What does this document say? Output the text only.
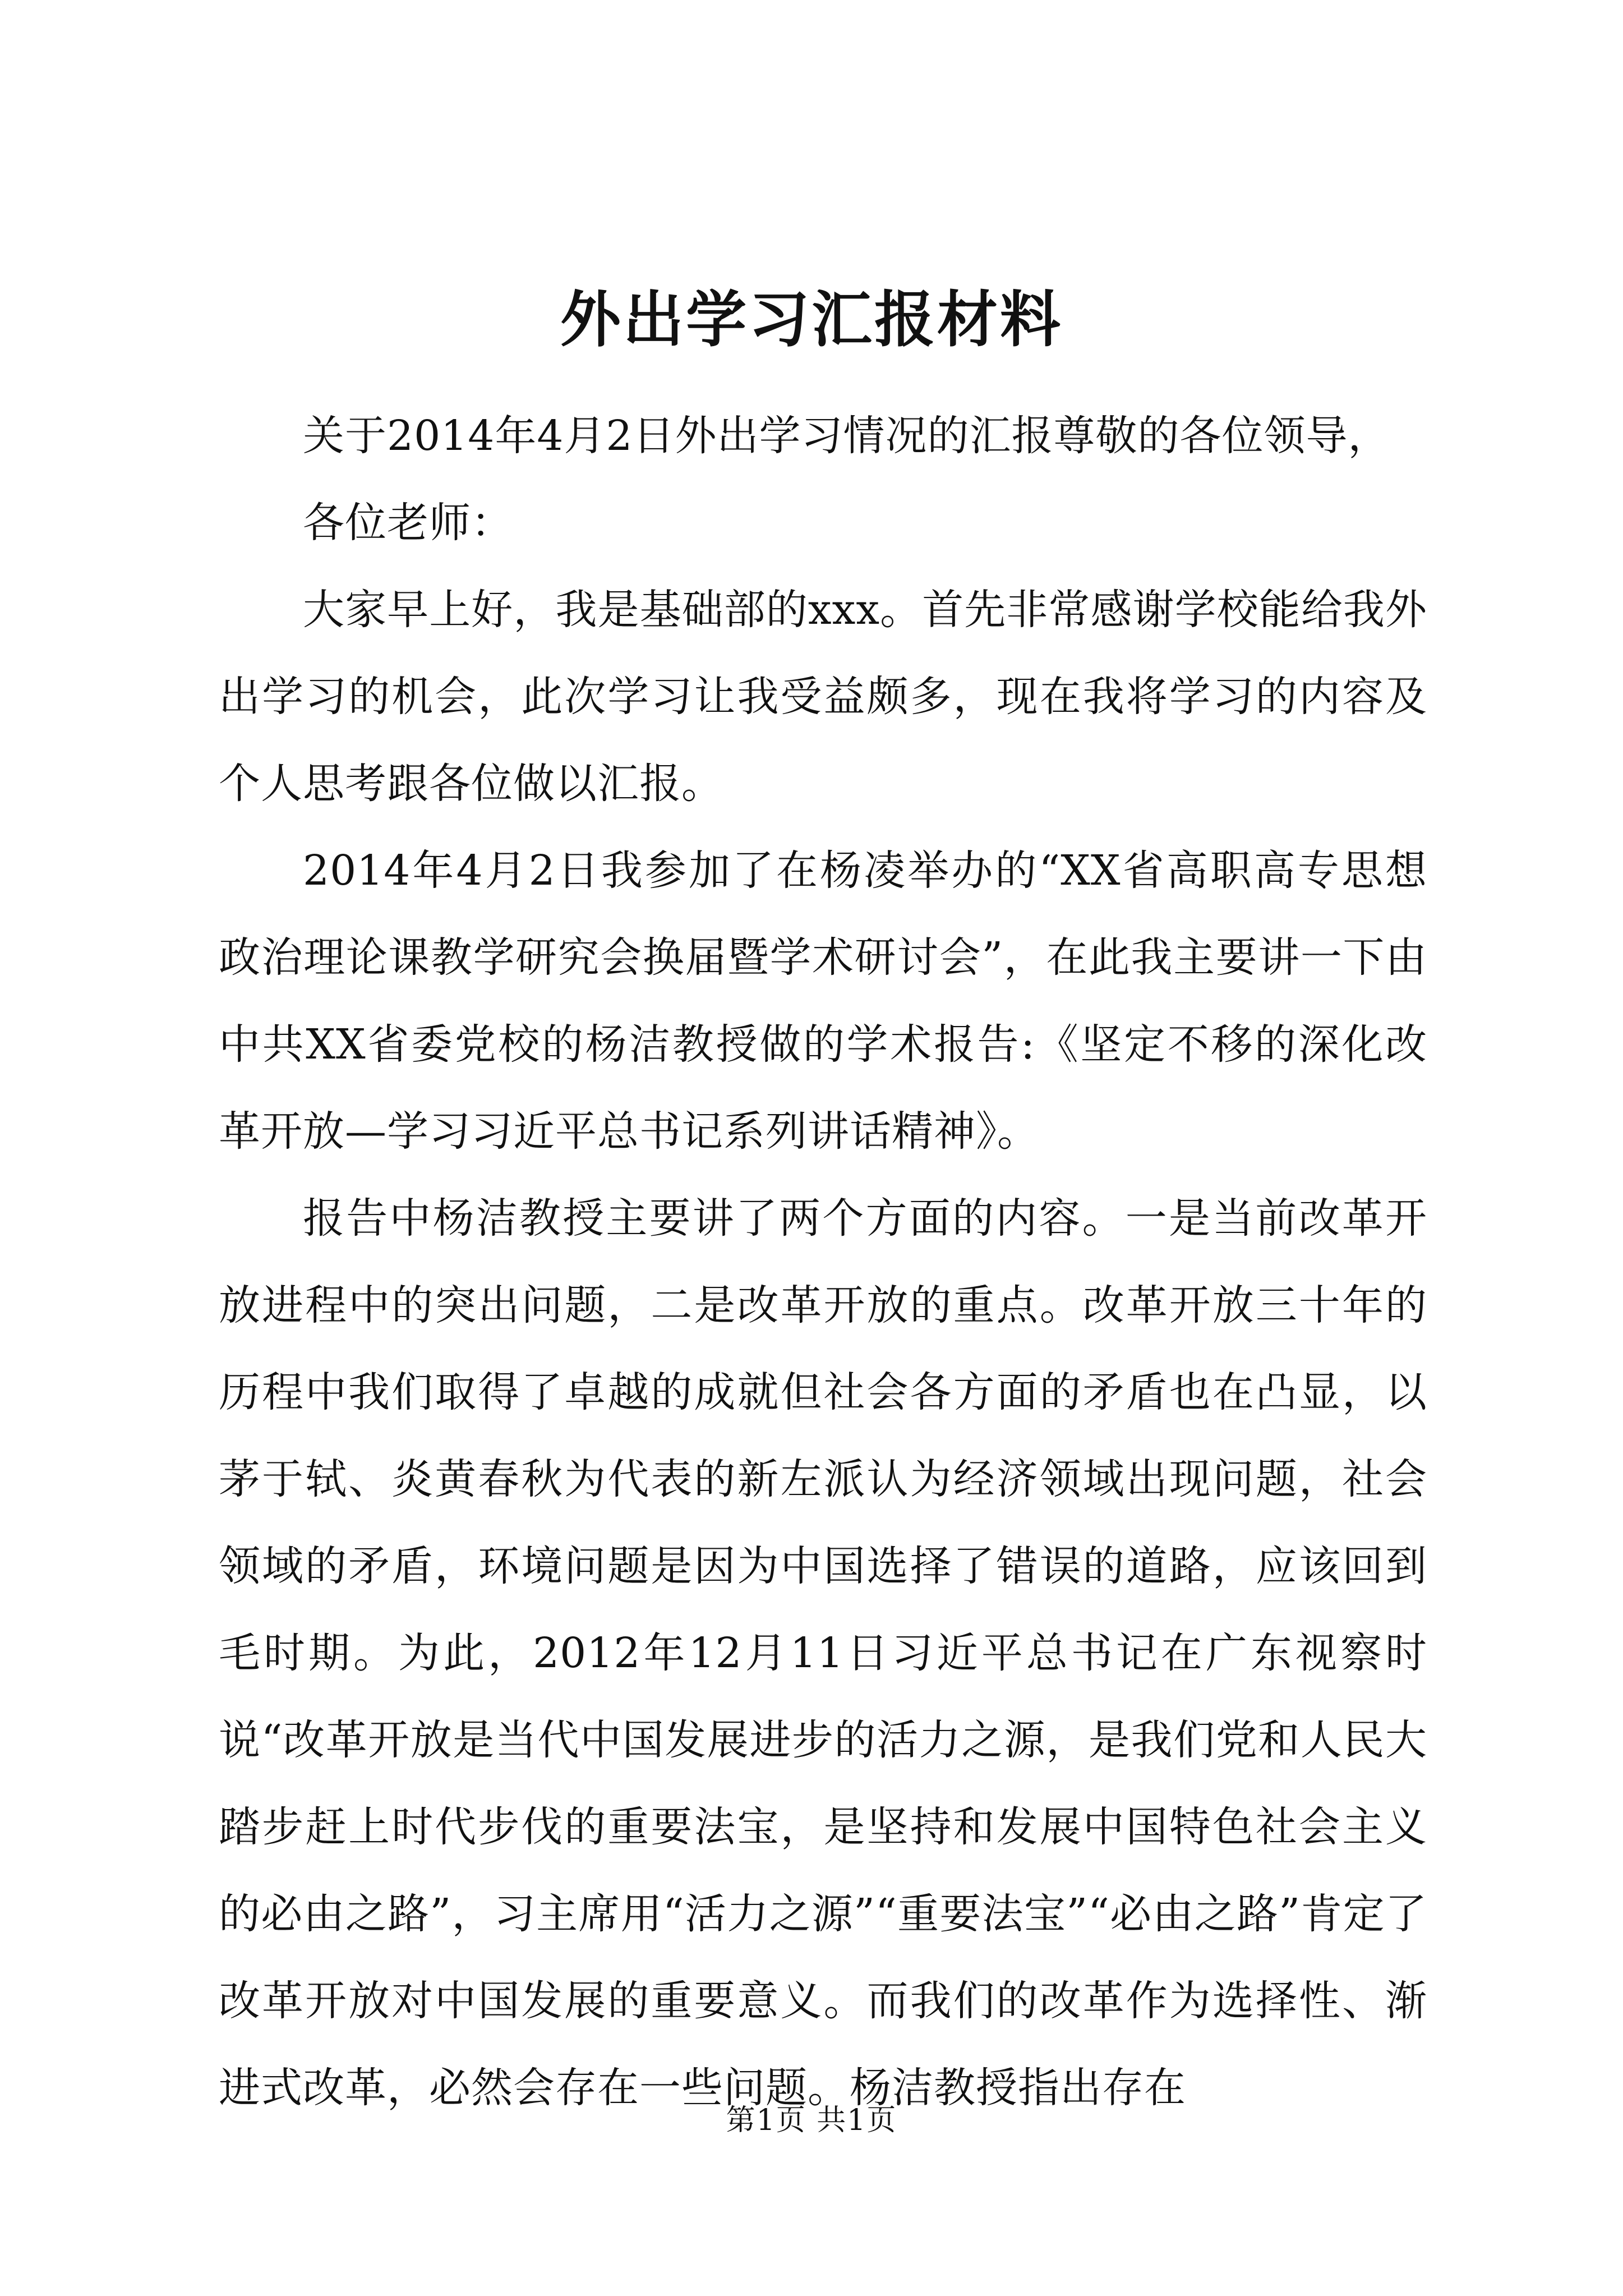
外出学习汇报材料

关于2014年4月2日外出学习情况的汇报尊敬的各位领导，

各位老师：

大家早上好，我是基础部的xxx。首先非常感谢学校能给我外出学习的机会，此次学习让我受益颇多，现在我将学习的内容及个人思考跟各位做以汇报。

2014年4月2日我参加了在杨凌举办的“XX省高职高专思想政治理论课教学研究会换届暨学术研讨会”，在此我主要讲一下由中共XX省委党校的杨洁教授做的学术报告:《坚定不移的深化改革开放—学习习近平总书记系列讲话精神》。

报告中杨洁教授主要讲了两个方面的内容。一是当前改革开放进程中的突出问题，二是改革开放的重点。改革开放三十年的历程中我们取得了卓越的成就但社会各方面的矛盾也在凸显，以茅于轼、炎黄春秋为代表的新左派认为经济领域出现问题，社会领域的矛盾，环境问题是因为中国选择了错误的道路，应该回到毛时期。为此，2012年12月11日习近平总书记在广东视察时说“改革开放是当代中国发展进步的活力之源，是我们党和人民大踏步赶上时代步伐的重要法宝，是坚持和发展中国特色社会主义的必由之路”，习主席用“活力之源”“重要法宝”“必由之路”肯定了改革开放对中国发展的重要意义。而我们的改革作为选择性、渐进式改革，必然会存在一些问题。杨洁教授指出存在

第1页 共1页
